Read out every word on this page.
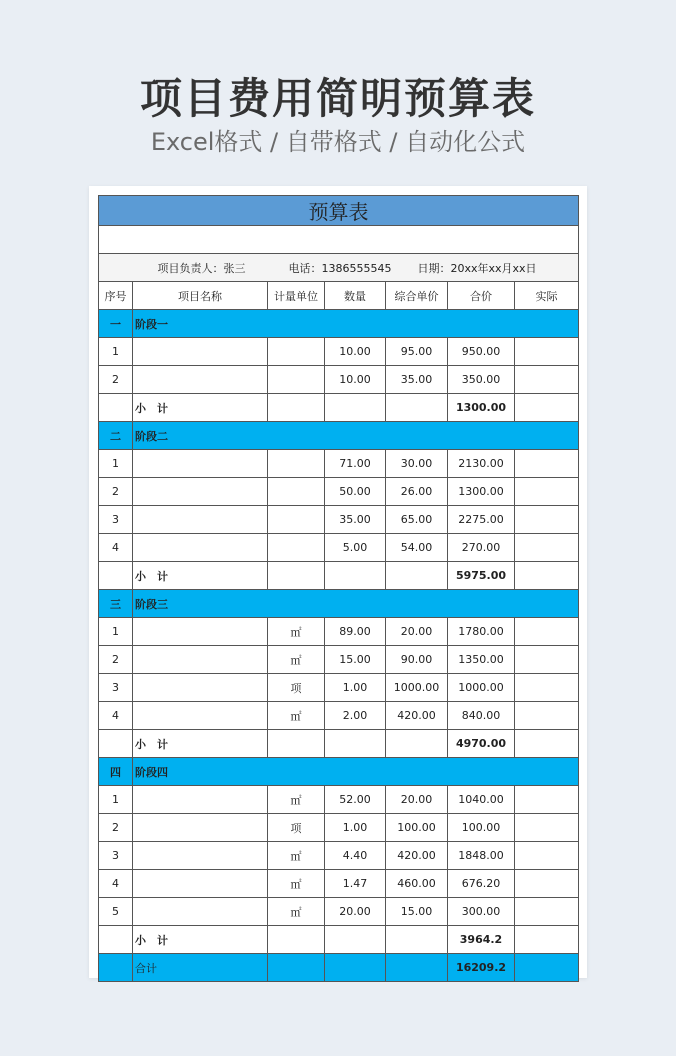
项目费用简明预算表
Excel格式 / 自带格式 / 自动化公式
预算表						

项目负责人：张三 电话：1386555545 日期：20xx年xx月xx日						
序号	项目名称	计量单位	数量	综合单价	合价	实际
一	阶段一					
1			10.00	95.00	950.00	
2			10.00	35.00	350.00	
	小　计				1300.00	
二	阶段二					
1			71.00	30.00	2130.00	
2			50.00	26.00	1300.00	
3			35.00	65.00	2275.00	
4			5.00	54.00	270.00	
	小　计				5975.00	
三	阶段三					
1		㎡	89.00	20.00	1780.00	
2		㎡	15.00	90.00	1350.00	
3		项	1.00	1000.00	1000.00	
4		㎡	2.00	420.00	840.00	
	小　计				4970.00	
四	阶段四					
1		㎡	52.00	20.00	1040.00	
2		项	1.00	100.00	100.00	
3		㎡	4.40	420.00	1848.00	
4		㎡	1.47	460.00	676.20	
5		㎡	20.00	15.00	300.00	
	小　计				3964.2	
	合计				16209.2	
